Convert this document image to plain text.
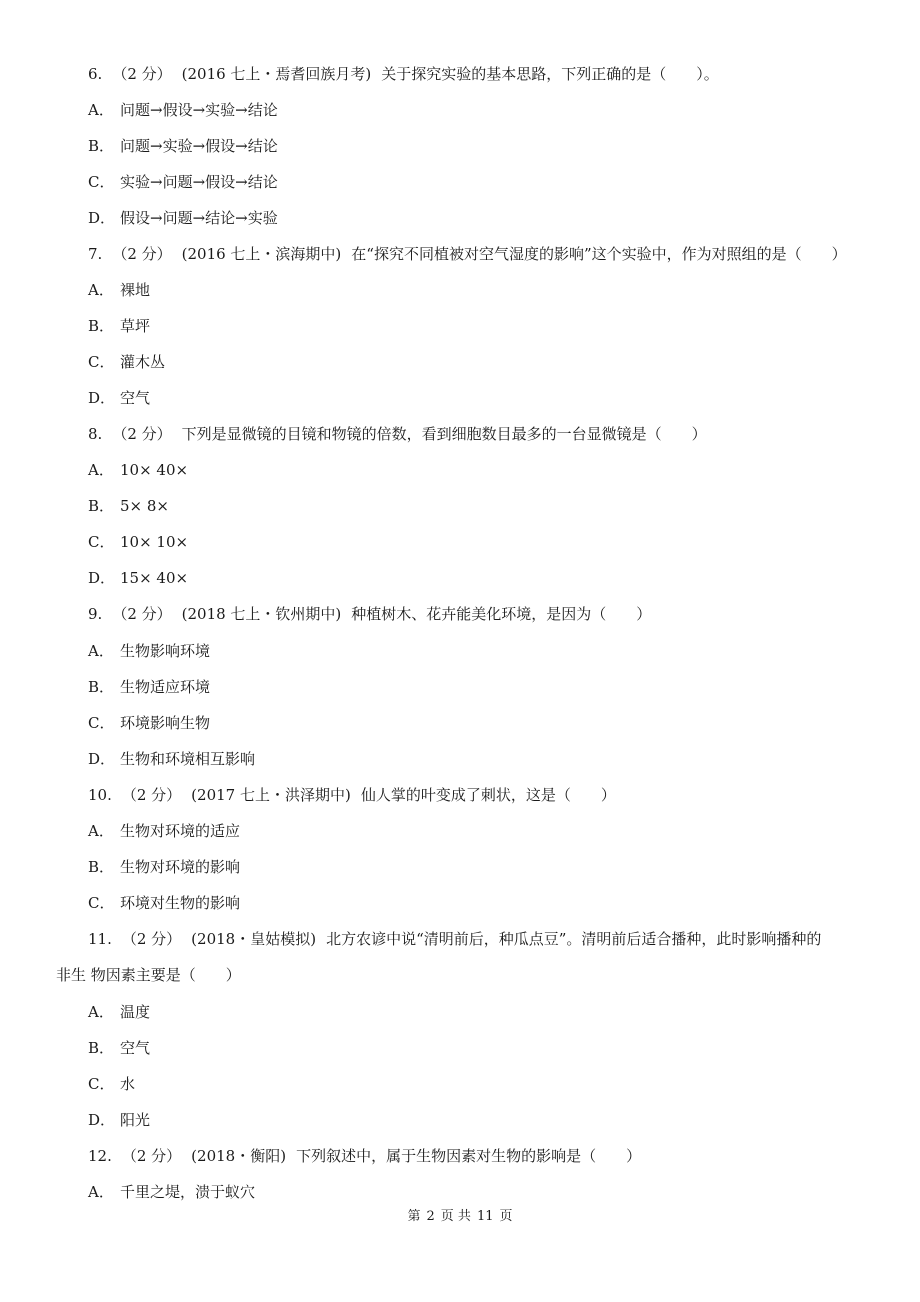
6. （2 分） (2016 七上・焉耆回族月考) 关于探究实验的基本思路，下列正确的是（　　）。
A． 问题→假设→实验→结论
B． 问题→实验→假设→结论
C． 实验→问题→假设→结论
D． 假设→问题→结论→实验
7. （2 分） (2016 七上・滨海期中) 在“探究不同植被对空气湿度的影响”这个实验中，作为对照组的是（　　）
A． 裸地
B． 草坪
C． 灌木丛
D． 空气
8. （2 分） 下列是显微镜的目镜和物镜的倍数，看到细胞数目最多的一台显微镜是（　　）
A． 10× 40×
B． 5× 8×
C． 10× 10×
D． 15× 40×
9. （2 分） (2018 七上・钦州期中) 种植树木、花卉能美化环境，是因为（　　）
A． 生物影响环境
B． 生物适应环境
C． 环境影响生物
D． 生物和环境相互影响
10. （2 分） (2017 七上・洪泽期中) 仙人掌的叶变成了刺状，这是（　　）
A． 生物对环境的适应
B． 生物对环境的影响
C． 环境对生物的影响
11. （2 分） (2018・皇姑模拟) 北方农谚中说“清明前后，种瓜点豆”。清明前后适合播种，此时影响播种的
非生 物因素主要是（　　）
A． 温度
B． 空气
C． 水
D． 阳光
12. （2 分） (2018・衡阳) 下列叙述中，属于生物因素对生物的影响是（　　）
A． 千里之堤，溃于蚁穴
第 2 页 共 11 页
